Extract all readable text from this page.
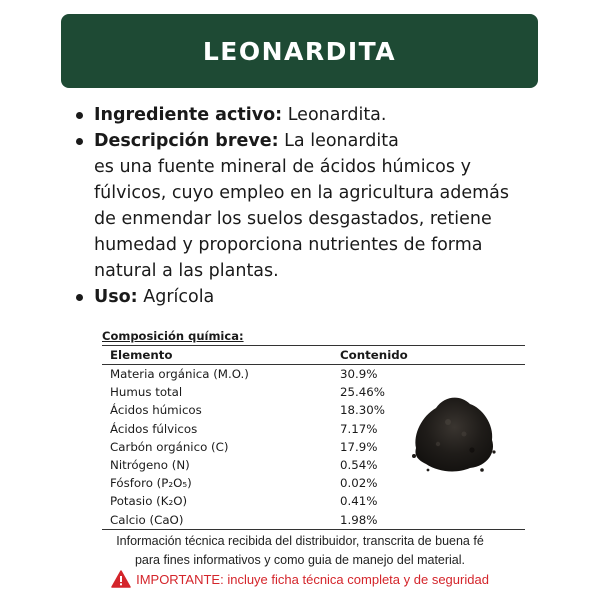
LEONARDITA
Ingrediente activo: Leonardita.
Descripción breve: La leonardita
es una fuente mineral de ácidos húmicos y
fúlvicos, cuyo empleo en la agricultura además
de enmendar los suelos desgastados, retiene
humedad y proporciona nutrientes de forma
natural a las plantas.
Uso: Agrícola
Composición química:
Elemento	Contenido
Materia orgánica (M.O.)	30.9%
Humus total	25.46%
Ácidos húmicos	18.30%
Ácidos fúlvicos	7.17%
Carbón orgánico (C)	17.9%
Nitrógeno (N)	0.54%
Fósforo (P₂O₅)	0.02%
Potasio (K₂O)	0.41%
Calcio (CaO)	1.98%
Información técnica recibida del distribuidor, transcrita de buena fé
para fines informativos y como guia de manejo del material.
IMPORTANTE: incluye ficha técnica completa y de seguridad
